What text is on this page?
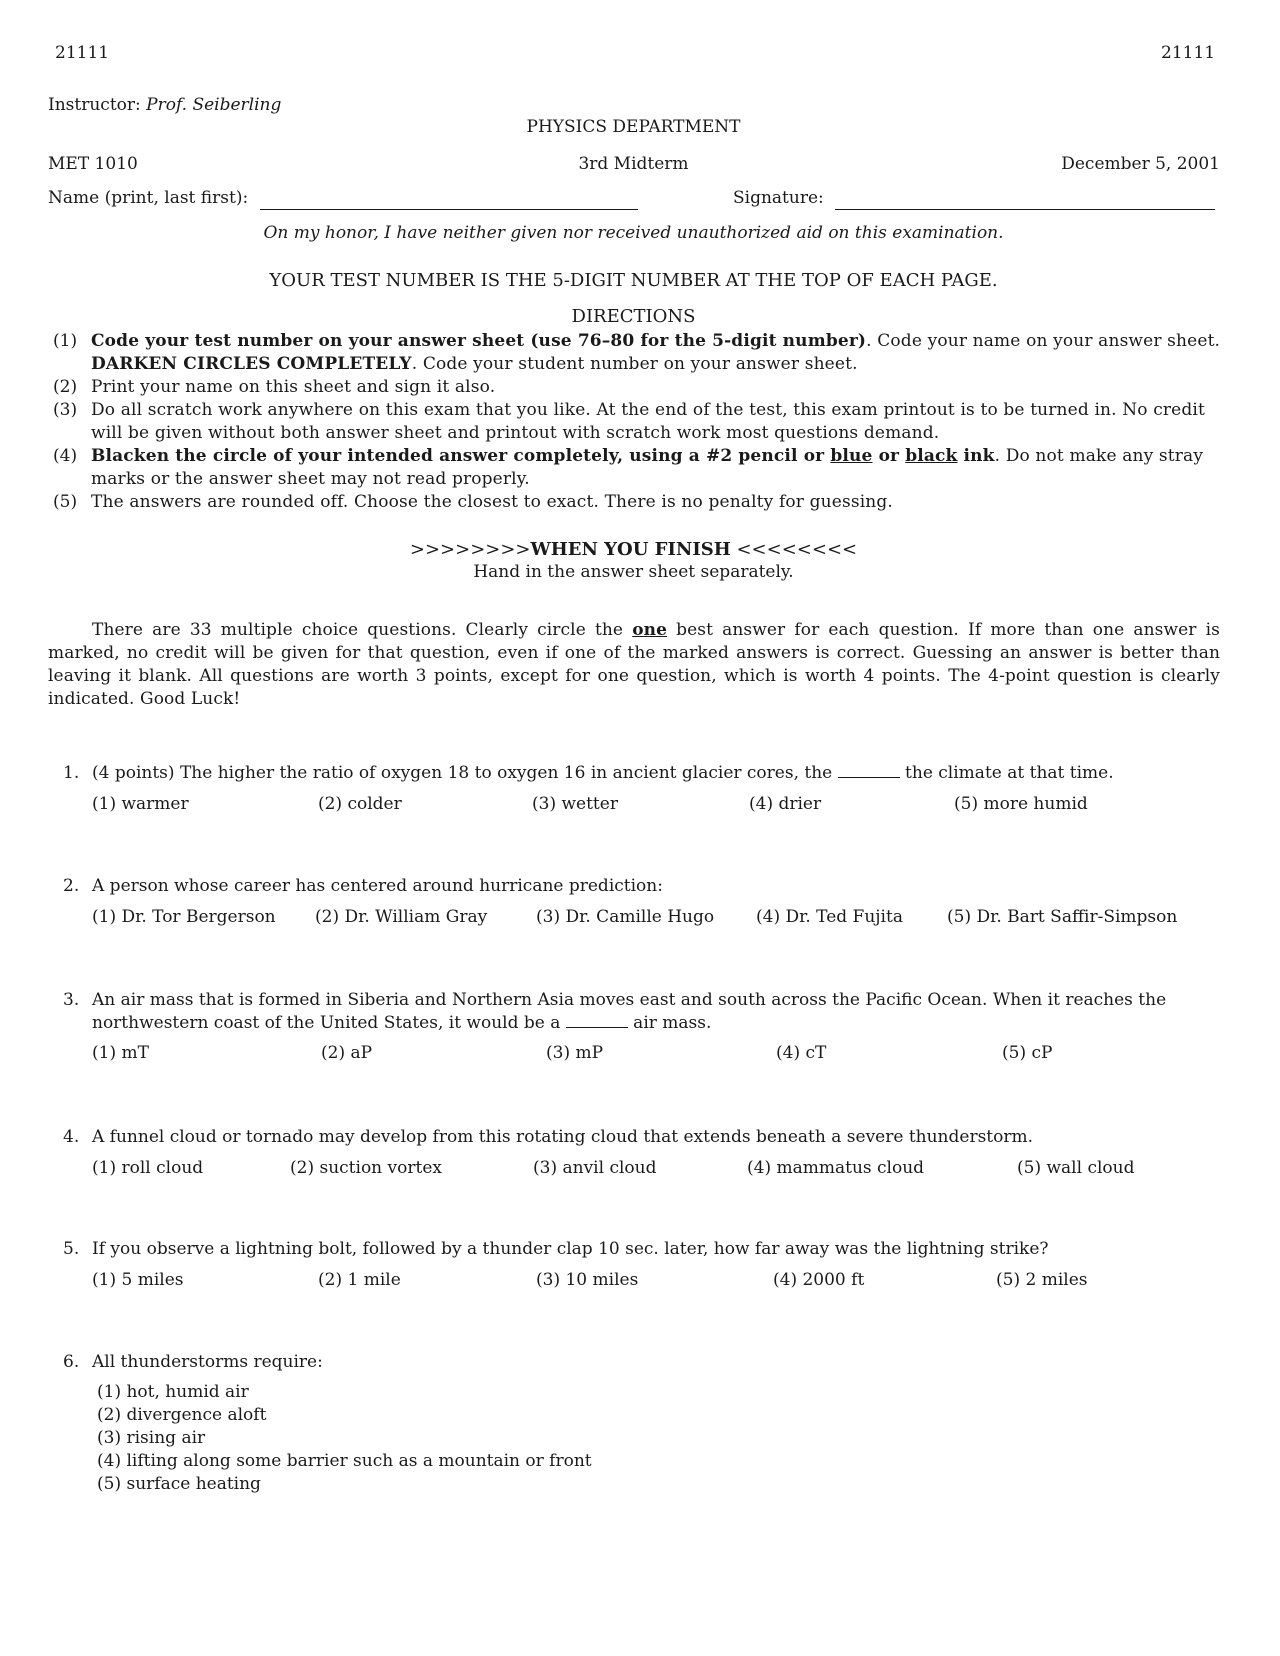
21111	21111
Instructor: Prof. Seiberling
PHYSICS DEPARTMENT
MET 1010	3rd Midterm	December 5, 2001
Name (print, last first):	Signature:
On my honor, I have neither given nor received unauthorized aid on this examination.
YOUR TEST NUMBER IS THE 5-DIGIT NUMBER AT THE TOP OF EACH PAGE.
DIRECTIONS
(1) Code your test number on your answer sheet (use 76–80 for the 5-digit number). Code your name on your answer sheet. DARKEN CIRCLES COMPLETELY. Code your student number on your answer sheet.
(2) Print your name on this sheet and sign it also.
(3) Do all scratch work anywhere on this exam that you like. At the end of the test, this exam printout is to be turned in. No credit will be given without both answer sheet and printout with scratch work most questions demand.
(4) Blacken the circle of your intended answer completely, using a #2 pencil or blue or black ink. Do not make any stray marks or the answer sheet may not read properly.
(5) The answers are rounded off. Choose the closest to exact. There is no penalty for guessing.
>>>>>>>>WHEN YOU FINISH <<<<<<<<
Hand in the answer sheet separately.
There are 33 multiple choice questions. Clearly circle the one best answer for each question. If more than one answer is marked, no credit will be given for that question, even if one of the marked answers is correct. Guessing an answer is better than leaving it blank. All questions are worth 3 points, except for one question, which is worth 4 points. The 4-point question is clearly indicated. Good Luck!
1. (4 points) The higher the ratio of oxygen 18 to oxygen 16 in ancient glacier cores, the	the climate at that time.
(1) warmer	(2) colder	(3) wetter	(4) drier	(5) more humid
2. A person whose career has centered around hurricane prediction:
(1) Dr. Tor Bergerson (2) Dr. William Gray	(3) Dr. Camille Hugo (4) Dr. Ted Fujita	(5) Dr. Bart Saffir-Simpson
3. An air mass that is formed in Siberia and Northern Asia moves east and south across the Pacific Ocean. When it reaches the northwestern coast of the United States, it would be a	air mass.
(1) mT	(2) aP	(3) mP	(4) cT	(5) cP
4. A funnel cloud or tornado may develop from this rotating cloud that extends beneath a severe thunderstorm.
(1) roll cloud	(2) suction vortex	(3) anvil cloud	(4) mammatus cloud	(5) wall cloud
5. If you observe a lightning bolt, followed by a thunder clap 10 sec. later, how far away was the lightning strike?
(1) 5 miles	(2) 1 mile	(3) 10 miles	(4) 2000 ft	(5) 2 miles
6. All thunderstorms require:
(1) hot, humid air
(2) divergence aloft
(3) rising air
(4) lifting along some barrier such as a mountain or front
(5) surface heating
